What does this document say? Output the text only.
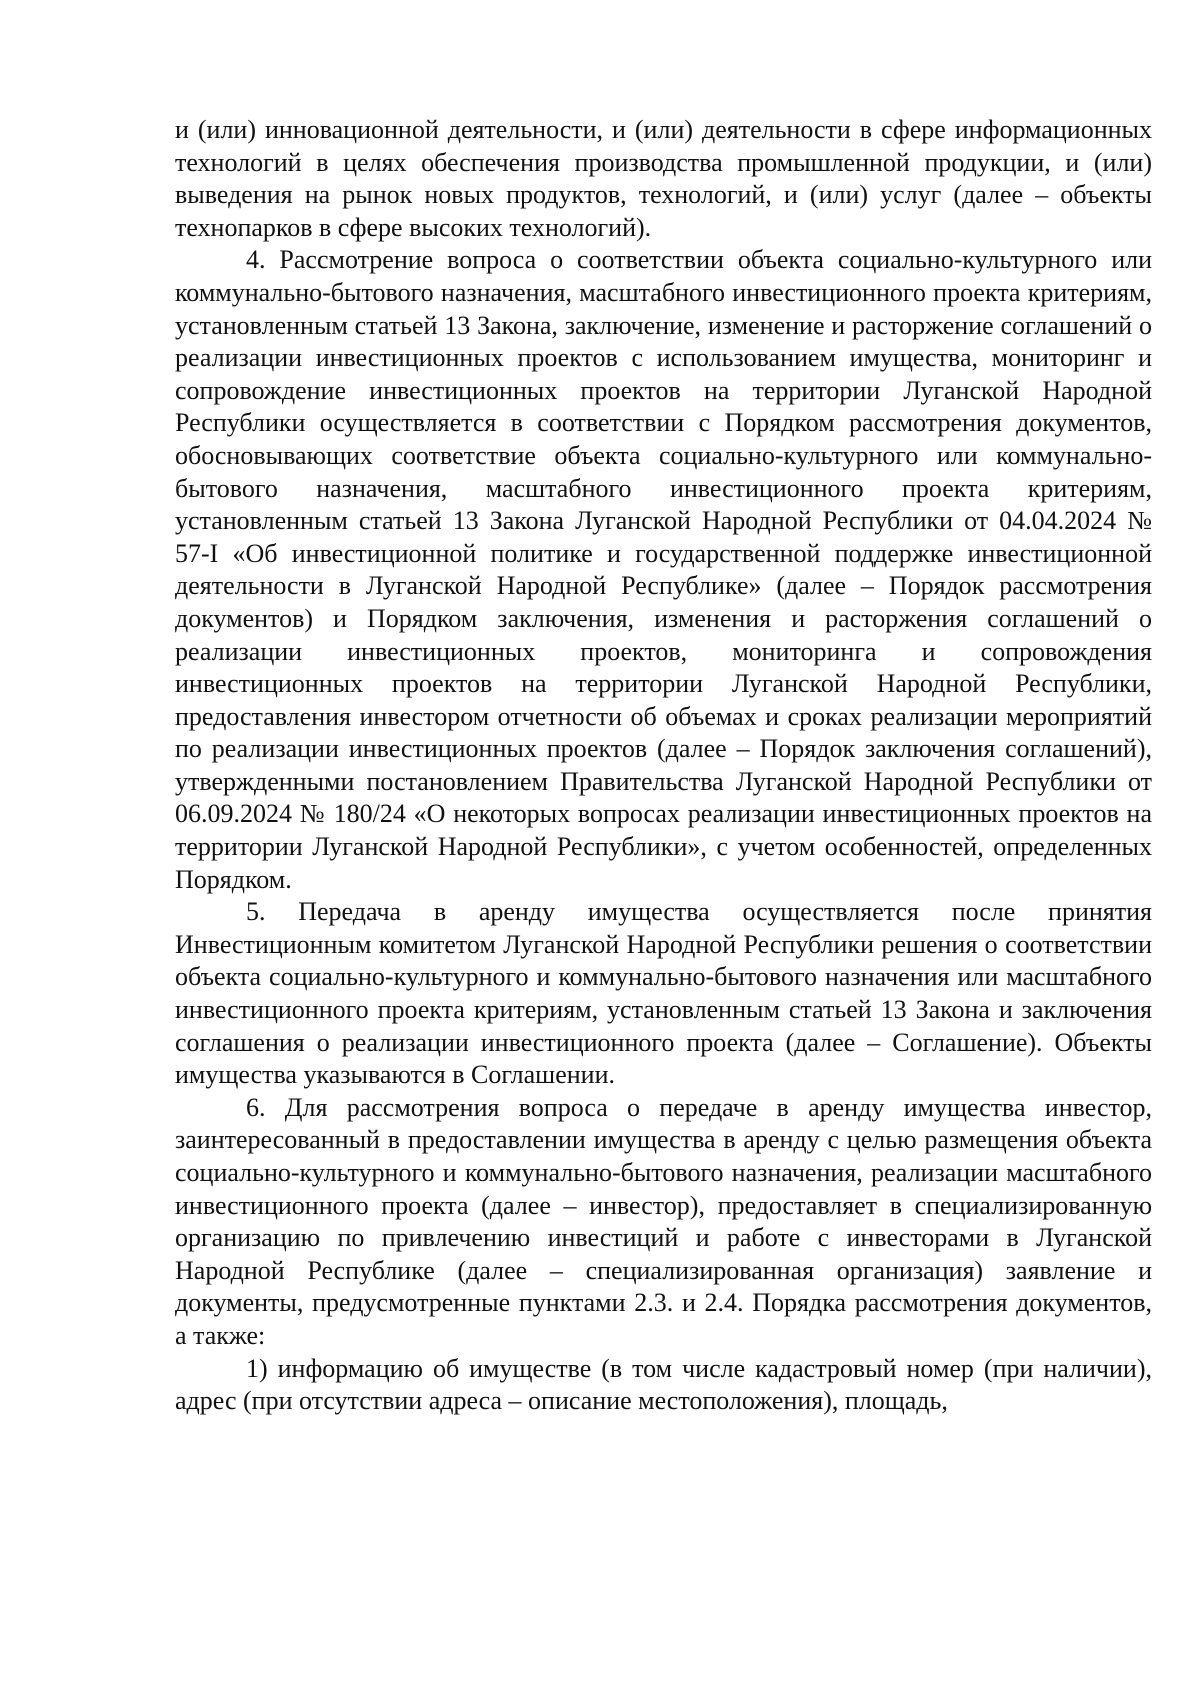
и (или) инновационной деятельности, и (или) деятельности в сфере информационных технологий в целях обеспечения производства промышленной продукции, и (или) выведения на рынок новых продуктов, технологий, и (или) услуг (далее – объекты технопарков в сфере высоких технологий).

4. Рассмотрение вопроса о соответствии объекта социально-культурного или коммунально-бытового назначения, масштабного инвестиционного проекта критериям, установленным статьей 13 Закона, заключение, изменение и расторжение соглашений о реализации инвестиционных проектов с использованием имущества, мониторинг и сопровождение инвестиционных проектов на территории Луганской Народной Республики осуществляется в соответствии с Порядком рассмотрения документов, обосновывающих соответствие объекта социально-культурного или коммунально-бытового назначения, масштабного инвестиционного проекта критериям, установленным статьей 13 Закона Луганской Народной Республики от 04.04.2024 № 57-I «Об инвестиционной политике и государственной поддержке инвестиционной деятельности в Луганской Народной Республике» (далее – Порядок рассмотрения документов) и Порядком заключения, изменения и расторжения соглашений о реализации инвестиционных проектов, мониторинга и сопровождения инвестиционных проектов на территории Луганской Народной Республики, предоставления инвестором отчетности об объемах и сроках реализации мероприятий по реализации инвестиционных проектов (далее – Порядок заключения соглашений), утвержденными постановлением Правительства Луганской Народной Республики от 06.09.2024 № 180/24 «О некоторых вопросах реализации инвестиционных проектов на территории Луганской Народной Республики», с учетом особенностей, определенных Порядком.

5. Передача в аренду имущества осуществляется после принятия Инвестиционным комитетом Луганской Народной Республики решения о соответствии объекта социально-культурного и коммунально-бытового назначения или масштабного инвестиционного проекта критериям, установленным статьей 13 Закона и заключения соглашения о реализации инвестиционного проекта (далее – Соглашение). Объекты имущества указываются в Соглашении.

6. Для рассмотрения вопроса о передаче в аренду имущества инвестор, заинтересованный в предоставлении имущества в аренду с целью размещения объекта социально-культурного и коммунально-бытового назначения, реализации масштабного инвестиционного проекта (далее – инвестор), предоставляет в специализированную организацию по привлечению инвестиций и работе с инвесторами в Луганской Народной Республике (далее – специализированная организация) заявление и документы, предусмотренные пунктами 2.3. и 2.4. Порядка рассмотрения документов, а также:

1) информацию об имуществе (в том числе кадастровый номер (при наличии), адрес (при отсутствии адреса – описание местоположения), площадь,
